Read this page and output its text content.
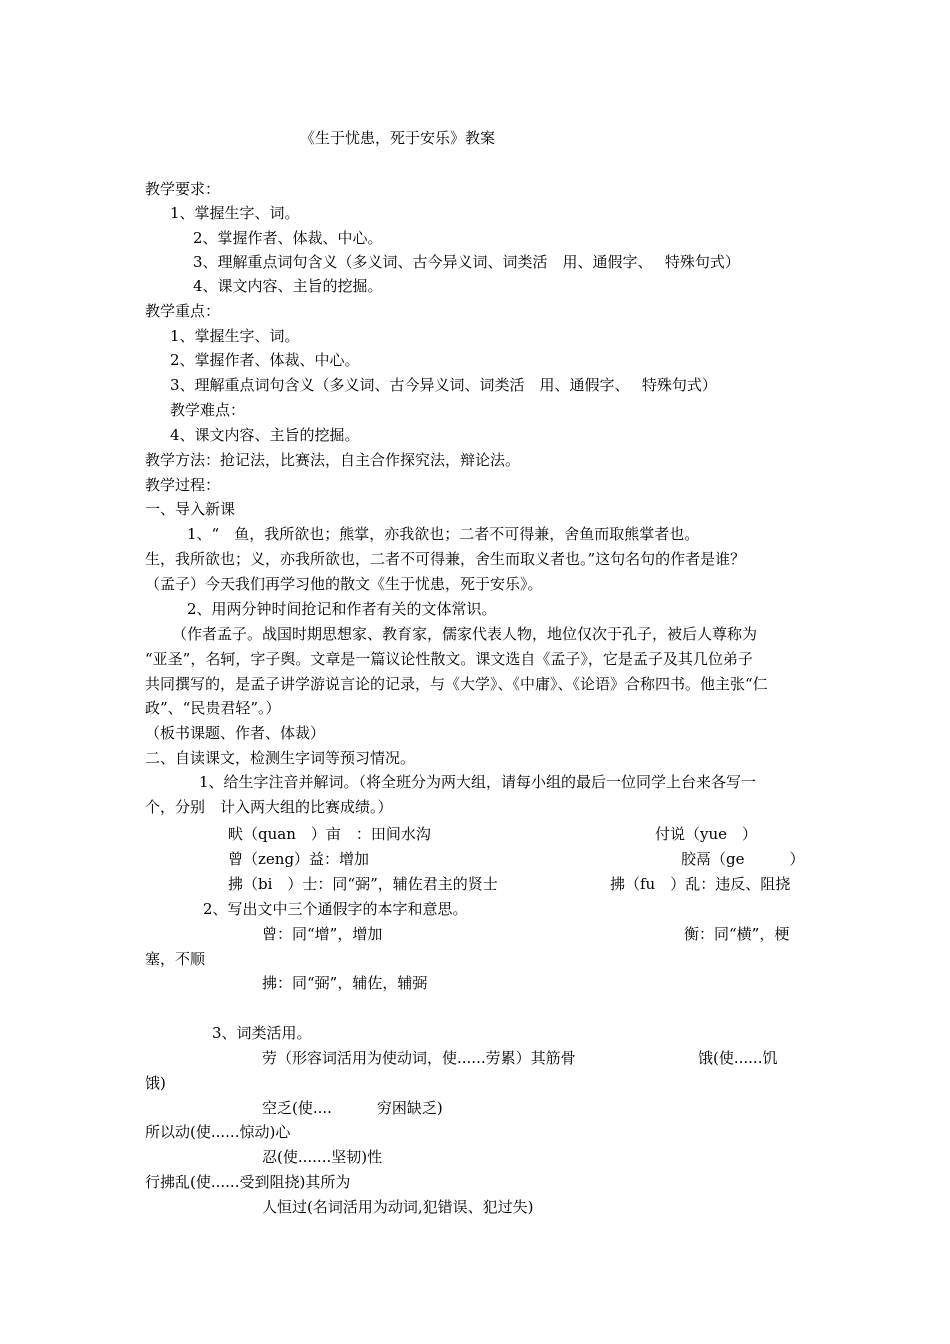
《生于忧患，死于安乐》教案
教学要求：
1、掌握生字、词。
2、掌握作者、体裁、中心。
3、理解重点词句含义（多义词、古今异义词、词类活　用、通假字、　 特殊句式）
4、课文内容、主旨的挖掘。
教学重点：
1、掌握生字、词。
2、掌握作者、体裁、中心。
3、理解重点词句含义（多义词、古今异义词、词类活　用、通假字、　 特殊句式）
教学难点：
4、课文内容、主旨的挖掘。
教学方法：抢记法，比赛法，自主合作探究法，辩论法。
教学过程：
一、导入新课
1、“　鱼，我所欲也；熊掌，亦我欲也；二者不可得兼，舍鱼而取熊掌者也。
生，我所欲也；义，亦我所欲也，二者不可得兼，舍生而取义者也。”这句名句的作者是谁？
（孟子）今天我们再学习他的散文《生于忧患，死于安乐》。
2、用两分钟时间抢记和作者有关的文体常识。
（作者孟子。战国时期思想家、教育家，儒家代表人物，地位仅次于孔子，被后人尊称为
“亚圣”，名轲，字子舆。文章是一篇议论性散文。课文选自《孟子》，它是孟子及其几位弟子
共同撰写的，是孟子讲学游说言论的记录，与《大学》、《中庸》、《论语》合称四书。他主张“仁
政”、“民贵君轻”。）
（板书课题、作者、体裁）
二、自读课文，检测生字词等预习情况。
1、给生字注音并解词。（将全班分为两大组，请每小组的最后一位同学上台来各写一
个，分别　计入两大组的比赛成绩。）
畎（quan　）亩　：田间水沟	付说（yue　）
曾（zeng）益：增加	胶鬲（ge　　　）
拂（bi　）士：同“弼”，辅佐君主的贤士	拂（fu　）乱：违反、阻挠
2、写出文中三个通假字的本字和意思。
曾：同“增”，增加	衡：同“横”，梗
塞，不顺
拂：同“弼”，辅佐，辅弼
3、词类活用。
劳（形容词活用为使动词，使......劳累）其筋骨	饿(使......饥
饿)
空乏(使....　　　穷困缺乏)
所以动(使......惊动)心
忍(使.......坚韧)性
行拂乱(使......受到阻挠)其所为
人恒过(名词活用为动词,犯错误、犯过失)
